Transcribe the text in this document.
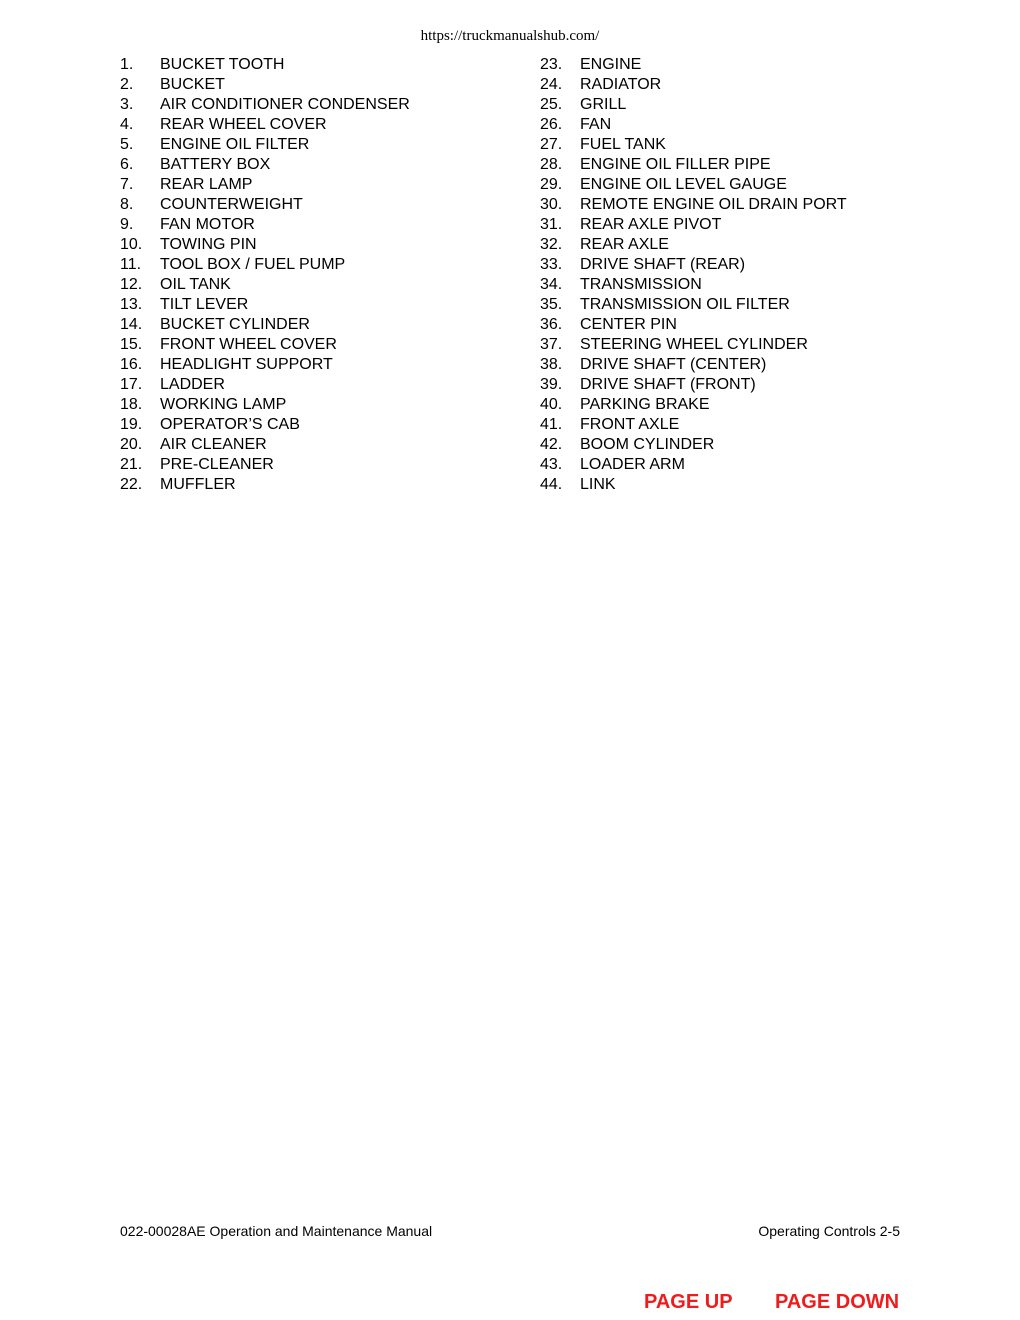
https://truckmanualshub.com/
1.	BUCKET TOOTH
2.	BUCKET
3.	AIR CONDITIONER CONDENSER
4.	REAR WHEEL COVER
5.	ENGINE OIL FILTER
6.	BATTERY BOX
7.	REAR LAMP
8.	COUNTERWEIGHT
9.	FAN MOTOR
10.	TOWING PIN
11.	TOOL BOX / FUEL PUMP
12.	OIL TANK
13.	TILT LEVER
14.	BUCKET CYLINDER
15.	FRONT WHEEL COVER
16.	HEADLIGHT SUPPORT
17.	LADDER
18.	WORKING LAMP
19.	OPERATOR’S CAB
20.	AIR CLEANER
21.	PRE-CLEANER
22.	MUFFLER
23.	ENGINE
24.	RADIATOR
25.	GRILL
26.	FAN
27.	FUEL TANK
28.	ENGINE OIL FILLER PIPE
29.	ENGINE OIL LEVEL GAUGE
30.	REMOTE ENGINE OIL DRAIN PORT
31.	REAR AXLE PIVOT
32.	REAR AXLE
33.	DRIVE SHAFT (REAR)
34.	TRANSMISSION
35.	TRANSMISSION OIL FILTER
36.	CENTER PIN
37.	STEERING WHEEL CYLINDER
38.	DRIVE SHAFT (CENTER)
39.	DRIVE SHAFT (FRONT)
40.	PARKING BRAKE
41.	FRONT AXLE
42.	BOOM CYLINDER
43.	LOADER ARM
44.	LINK
022-00028AE Operation and Maintenance Manual	Operating Controls 2-5
PAGE UP PAGE DOWN
